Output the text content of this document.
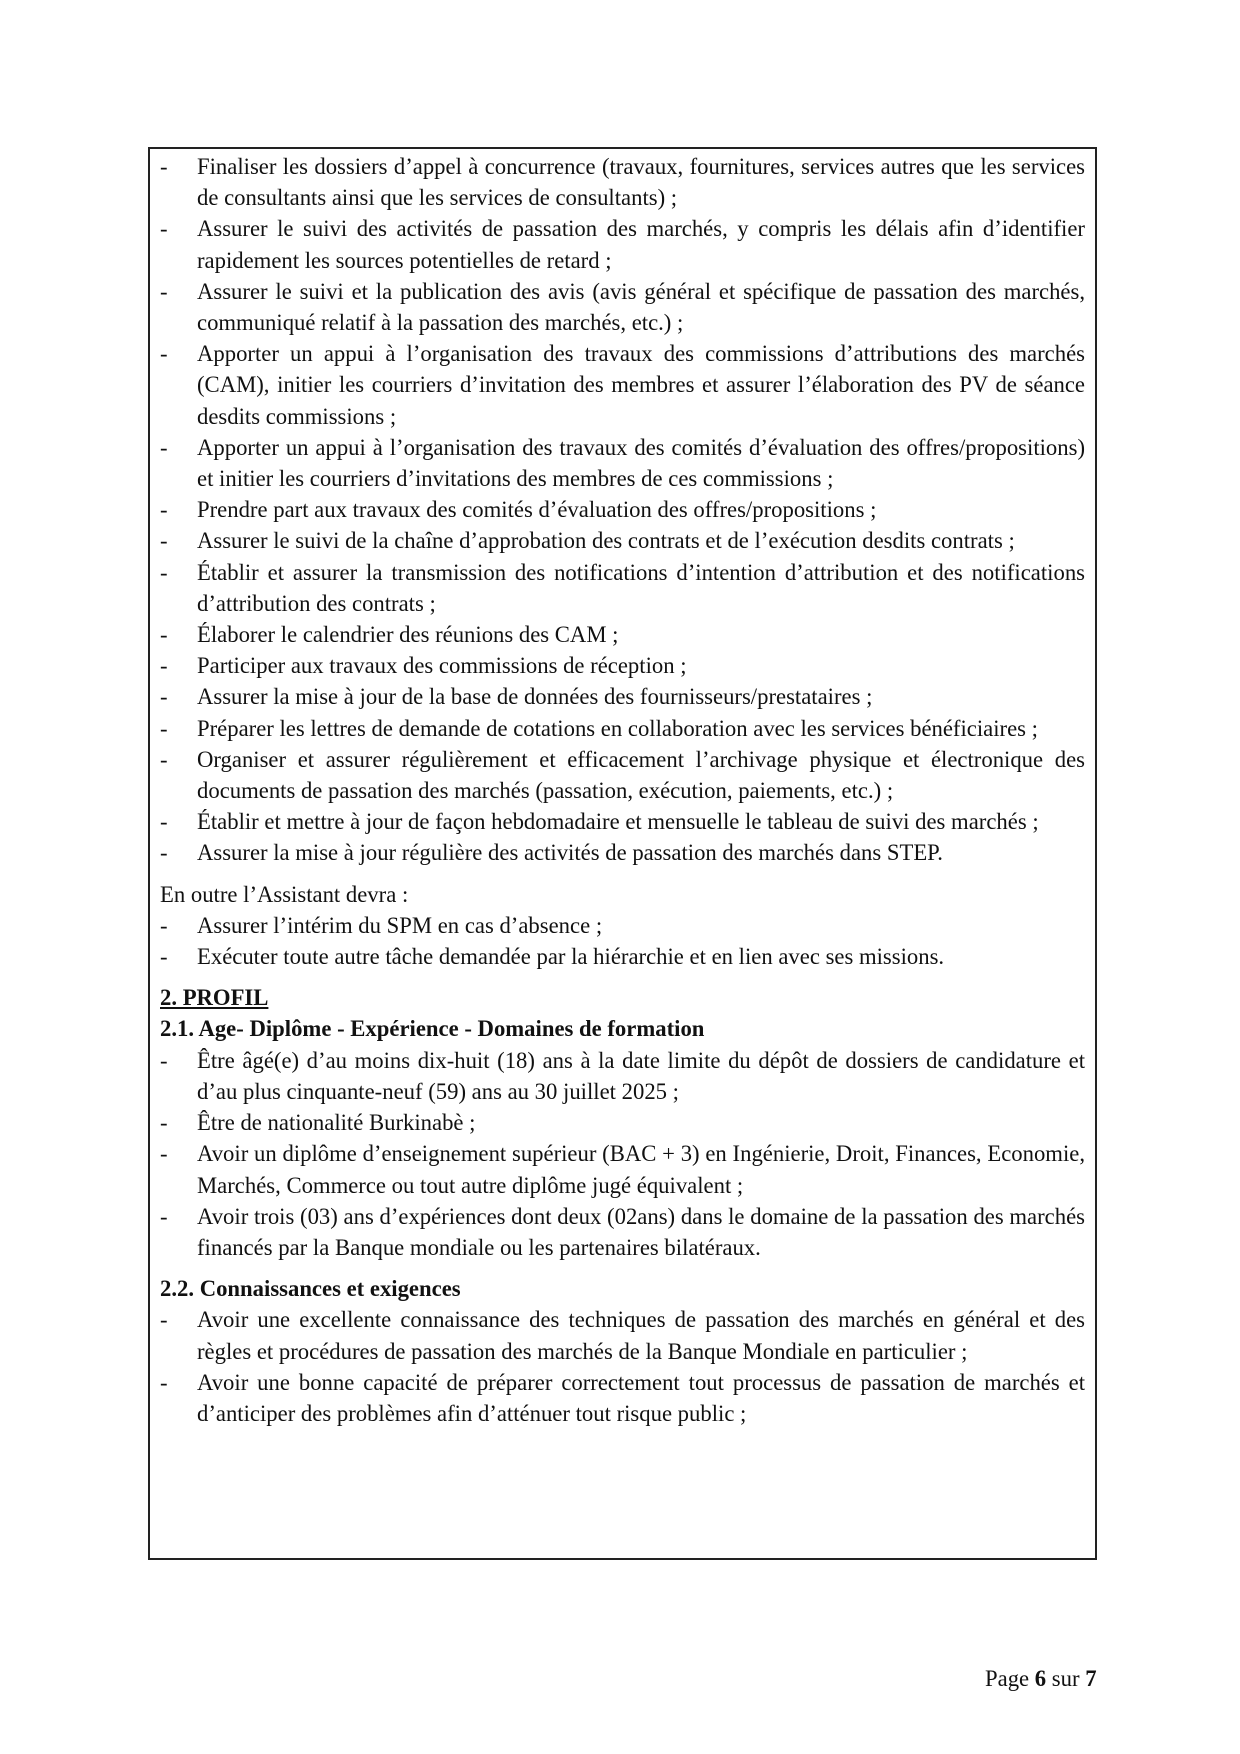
- Finaliser les dossiers d’appel à concurrence (travaux, fournitures, services autres que les services de consultants ainsi que les services de consultants) ;
- Assurer le suivi des activités de passation des marchés, y compris les délais afin d’identifier rapidement les sources potentielles de retard ;
- Assurer le suivi et la publication des avis (avis général et spécifique de passation des marchés, communiqué relatif à la passation des marchés, etc.) ;
- Apporter un appui à l’organisation des travaux des commissions d’attributions des marchés (CAM), initier les courriers d’invitation des membres et assurer l’élaboration des PV de séance desdits commissions ;
- Apporter un appui à l’organisation des travaux des comités d’évaluation des offres/propositions) et initier les courriers d’invitations des membres de ces commissions ;
- Prendre part aux travaux des comités d’évaluation des offres/propositions ;
- Assurer le suivi de la chaîne d’approbation des contrats et de l’exécution desdits contrats ;
- Établir et assurer la transmission des notifications d’intention d’attribution et des notifications d’attribution des contrats ;
- Élaborer le calendrier des réunions des CAM ;
- Participer aux travaux des commissions de réception ;
- Assurer la mise à jour de la base de données des fournisseurs/prestataires ;
- Préparer les lettres de demande de cotations en collaboration avec les services bénéficiaires ;
- Organiser et assurer régulièrement et efficacement l’archivage physique et électronique des documents de passation des marchés (passation, exécution, paiements, etc.) ;
- Établir et mettre à jour de façon hebdomadaire et mensuelle le tableau de suivi des marchés ;
- Assurer la mise à jour régulière des activités de passation des marchés dans STEP.
En outre l’Assistant devra :
- Assurer l’intérim du SPM en cas d’absence ;
- Exécuter toute autre tâche demandée par la hiérarchie et en lien avec ses missions.
2. PROFIL
2.1. Age- Diplôme - Expérience - Domaines de formation
- Être âgé(e) d’au moins dix-huit (18) ans à la date limite du dépôt de dossiers de candidature et d’au plus cinquante-neuf (59) ans au 30 juillet 2025 ;
- Être de nationalité Burkinabè ;
- Avoir un diplôme d’enseignement supérieur (BAC + 3) en Ingénierie, Droit, Finances, Economie, Marchés, Commerce ou tout autre diplôme jugé équivalent ;
- Avoir trois (03) ans d’expériences dont deux (02ans) dans le domaine de la passation des marchés financés par la Banque mondiale ou les partenaires bilatéraux.
2.2. Connaissances et exigences
- Avoir une excellente connaissance des techniques de passation des marchés en général et des règles et procédures de passation des marchés de la Banque Mondiale en particulier ;
- Avoir une bonne capacité de préparer correctement tout processus de passation de marchés et d’anticiper des problèmes afin d’atténuer tout risque public ;
Page 6 sur 7
